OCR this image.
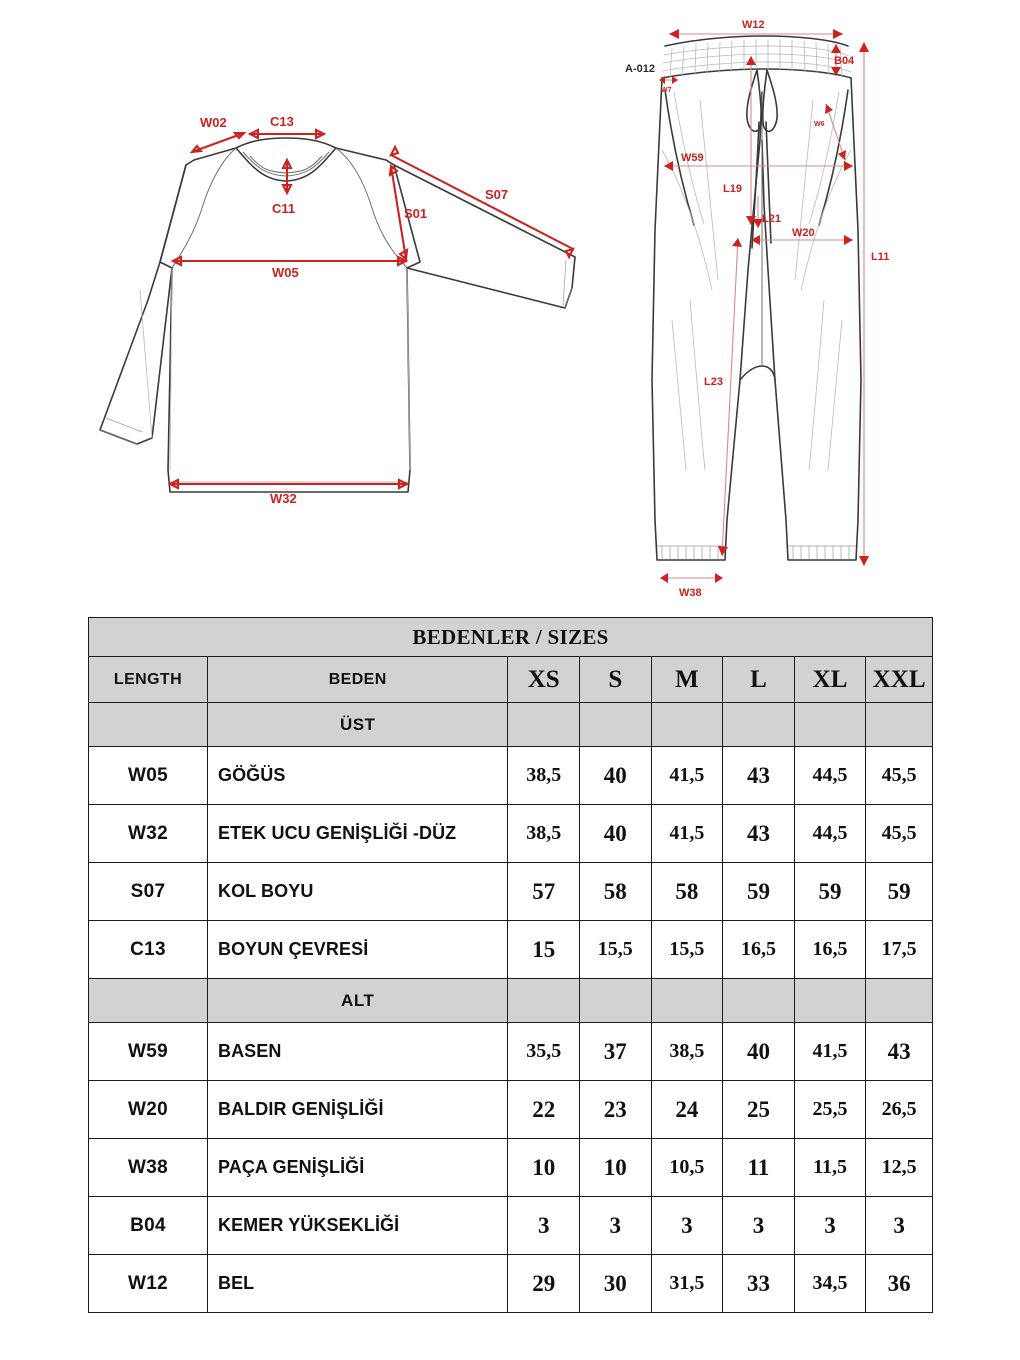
W02	C13
C11	S01
S07
W05
W32
W12
A-012
B04
W7
W6
W59
L19
L21
W20
L11
L23
W38
BEDENLER / SIZES							
LENGTH	BEDEN	XS	S	M	L	XL	XXL
	ÜST						
W05	GÖĞÜS	38,5	40	41,5	43	44,5	45,5
W32	ETEK UCU GENİŞLİĞİ -DÜZ	38,5	40	41,5	43	44,5	45,5
S07	KOL BOYU	57	58	58	59	59	59
C13	BOYUN ÇEVRESİ	15	15,5	15,5	16,5	16,5	17,5
	ALT						
W59	BASEN	35,5	37	38,5	40	41,5	43
W20	BALDIR GENİŞLİĞİ	22	23	24	25	25,5	26,5
W38	PAÇA GENİŞLİĞİ	10	10	10,5	11	11,5	12,5
B04	KEMER YÜKSEKLİĞİ	3	3	3	3	3	3
W12	BEL	29	30	31,5	33	34,5	36
